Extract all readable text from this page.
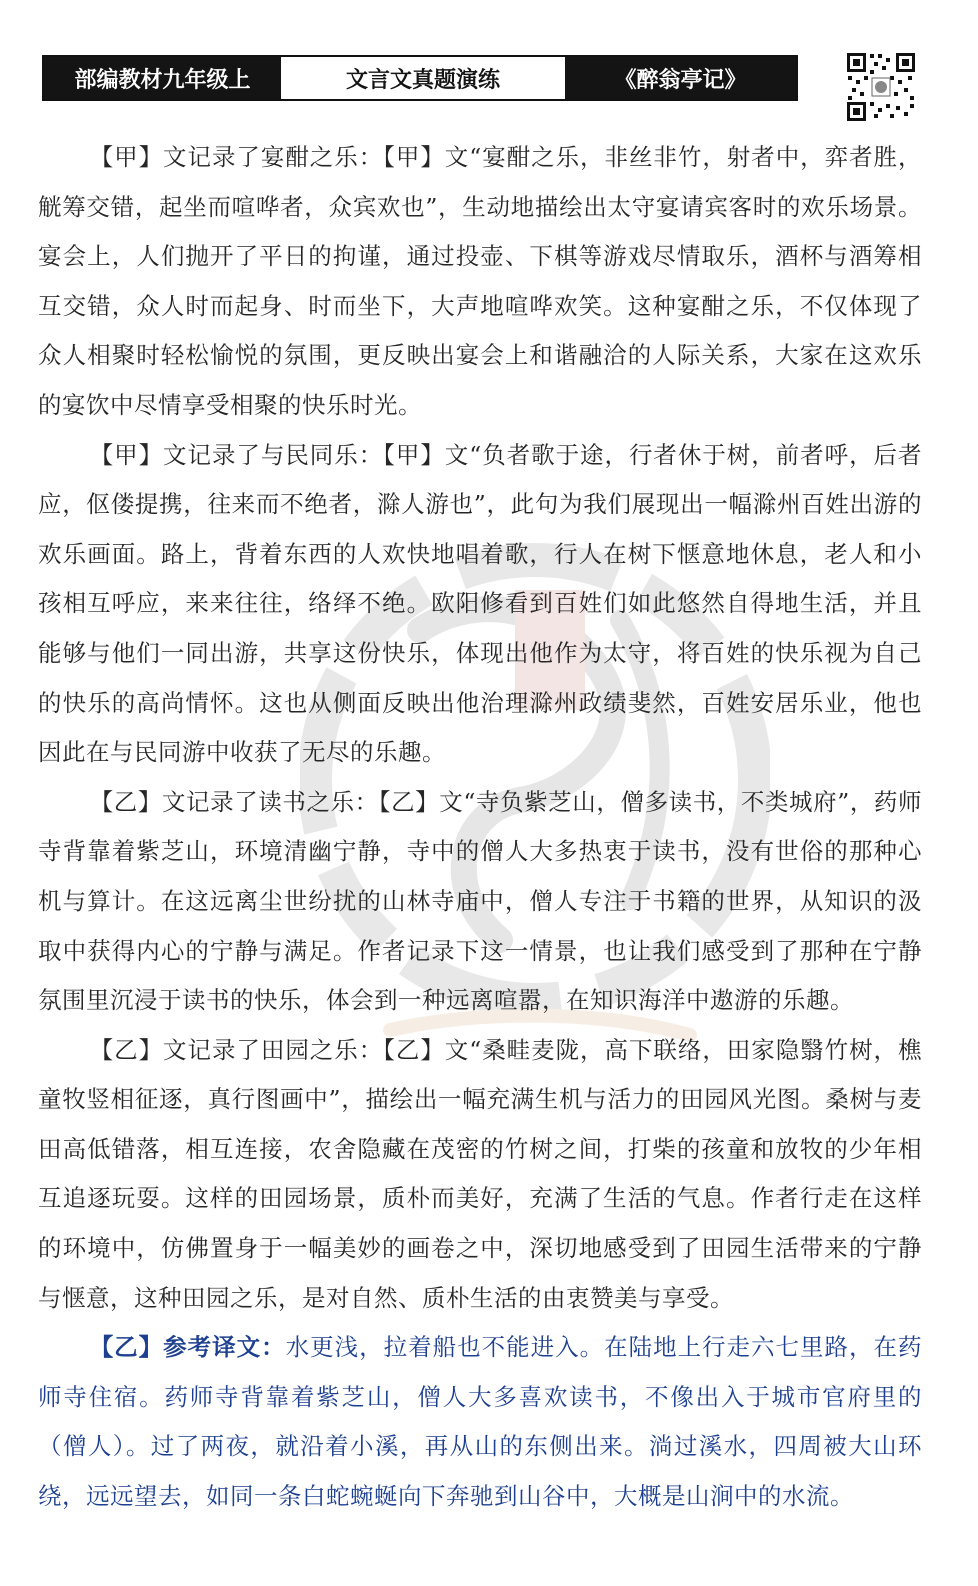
部编教材九年级上	文言文真题演练	《醉翁亭记》

【甲】文记录了宴酣之乐：【甲】文“宴酣之乐，非丝非竹，射者中，弈者胜，觥筹交错，起坐而喧哗者，众宾欢也”，生动地描绘出太守宴请宾客时的欢乐场景。宴会上，人们抛开了平日的拘谨，通过投壶、下棋等游戏尽情取乐，酒杯与酒筹相互交错，众人时而起身、时而坐下，大声地喧哗欢笑。这种宴酣之乐，不仅体现了众人相聚时轻松愉悦的氛围，更反映出宴会上和谐融洽的人际关系，大家在这欢乐的宴饮中尽情享受相聚的快乐时光。

【甲】文记录了与民同乐：【甲】文“负者歌于途，行者休于树，前者呼，后者应，伛偻提携，往来而不绝者，滁人游也”，此句为我们展现出一幅滁州百姓出游的欢乐画面。路上，背着东西的人欢快地唱着歌，行人在树下惬意地休息，老人和小孩相互呼应，来来往往，络绎不绝。欧阳修看到百姓们如此悠然自得地生活，并且能够与他们一同出游，共享这份快乐，体现出他作为太守，将百姓的快乐视为自己的快乐的高尚情怀。这也从侧面反映出他治理滁州政绩斐然，百姓安居乐业，他也因此在与民同游中收获了无尽的乐趣。

【乙】文记录了读书之乐：【乙】文“寺负紫芝山，僧多读书，不类城府”，药师寺背靠着紫芝山，环境清幽宁静，寺中的僧人大多热衷于读书，没有世俗的那种心机与算计。在这远离尘世纷扰的山林寺庙中，僧人专注于书籍的世界，从知识的汲取中获得内心的宁静与满足。作者记录下这一情景，也让我们感受到了那种在宁静氛围里沉浸于读书的快乐，体会到一种远离喧嚣，在知识海洋中遨游的乐趣。

【乙】文记录了田园之乐：【乙】文“桑畦麦陇，高下联络，田家隐翳竹树，樵童牧竖相征逐，真行图画中”，描绘出一幅充满生机与活力的田园风光图。桑树与麦田高低错落，相互连接，农舍隐藏在茂密的竹树之间，打柴的孩童和放牧的少年相互追逐玩耍。这样的田园场景，质朴而美好，充满了生活的气息。作者行走在这样的环境中，仿佛置身于一幅美妙的画卷之中，深切地感受到了田园生活带来的宁静与惬意，这种田园之乐，是对自然、质朴生活的由衷赞美与享受。

【乙】参考译文：水更浅，拉着船也不能进入。在陆地上行走六七里路，在药师寺住宿。药师寺背靠着紫芝山，僧人大多喜欢读书，不像出入于城市官府里的（僧人）。过了两夜，就沿着小溪，再从山的东侧出来。淌过溪水，四周被大山环绕，远远望去，如同一条白蛇蜿蜒向下奔驰到山谷中，大概是山涧中的水流。
